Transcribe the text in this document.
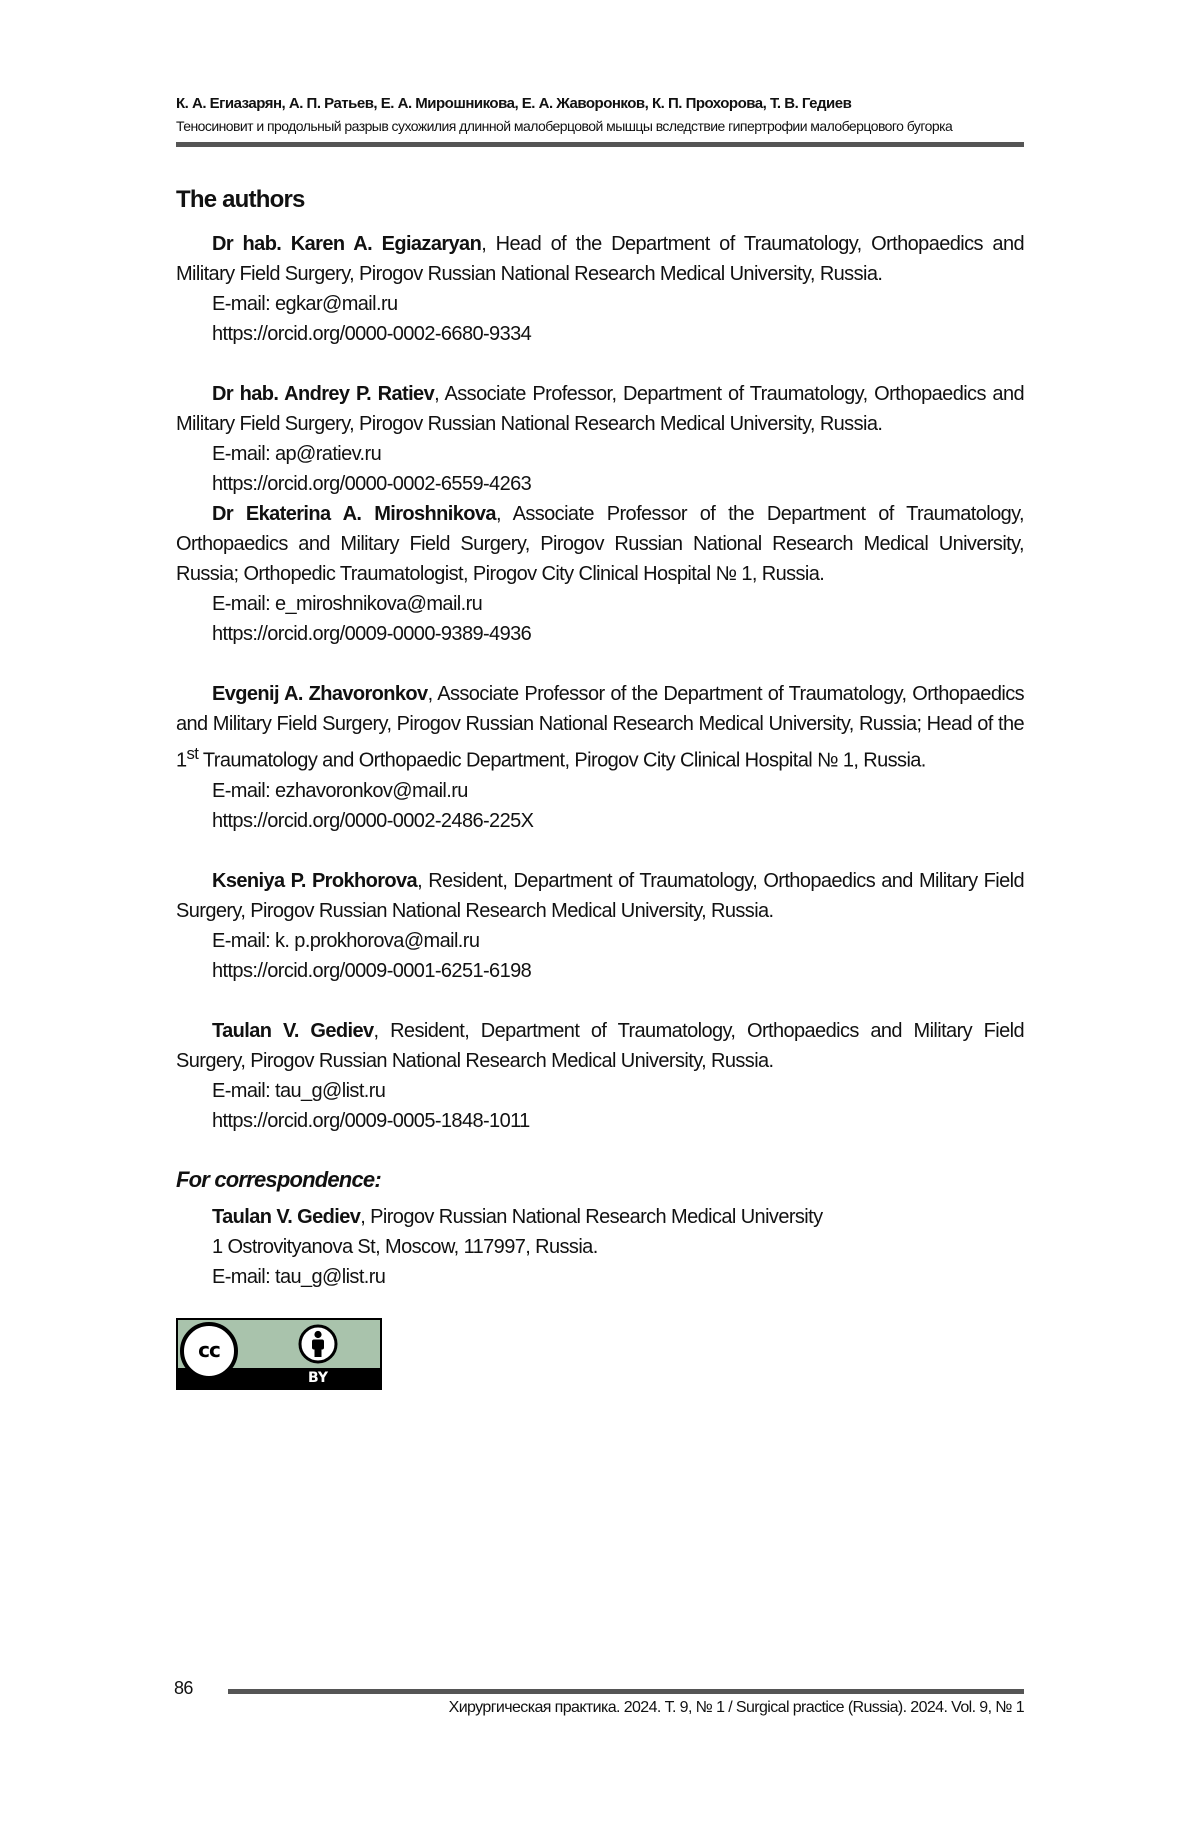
К. А. Егиазарян, А. П. Ратьев, Е. А. Мирошникова, Е. А. Жаворонков, К. П. Прохорова, Т. В. Гедиев
Теносиновит и продольный разрыв сухожилия длинной малоберцовой мышцы вследствие гипертрофии малоберцового бугорка
The authors

Dr hab. Karen A. Egiazaryan, Head of the Department of Traumatology, Orthopaedics and Military Field Surgery, Pirogov Russian National Research Medical University, Russia.

E-mail: egkar@mail.ru

https://orcid.org/0000-0002-6680-9334

Dr hab. Andrey P. Ratiev, Associate Professor, Department of Traumatology, Orthopaedics and Military Field Surgery, Pirogov Russian National Research Medical University, Russia.

E-mail: ap@ratiev.ru

https://orcid.org/0000-0002-6559-4263

Dr Ekaterina A. Miroshnikova, Associate Professor of the Department of Traumatology, Orthopaedics and Military Field Surgery, Pirogov Russian National Research Medical University, Russia; Orthopedic Traumatologist, Pirogov City Clinical Hospital № 1, Russia.

E-mail: e_miroshnikova@mail.ru

https://orcid.org/0009-0000-9389-4936

Evgenij A. Zhavoronkov, Associate Professor of the Department of Traumatology, Orthopaedics and Military Field Surgery, Pirogov Russian National Research Medical University, Russia; Head of the 1st Traumatology and Orthopaedic Department, Pirogov City Clinical Hospital № 1, Russia.

E-mail: ezhavoronkov@mail.ru

https://orcid.org/0000-0002-2486-225X

Kseniya P. Prokhorova, Resident, Department of Traumatology, Orthopaedics and Military Field Surgery, Pirogov Russian National Research Medical University, Russia.

E-mail: k. p.prokhorova@mail.ru

https://orcid.org/0009-0001-6251-6198

Taulan V. Gediev, Resident, Department of Traumatology, Orthopaedics and Military Field Surgery, Pirogov Russian National Research Medical University, Russia.

E-mail: tau_g@list.ru

https://orcid.org/0009-0005-1848-1011

For correspondence:

Taulan V. Gediev, Pirogov Russian National Research Medical University

1 Ostrovityanova St, Moscow, 117997, Russia.

E-mail: tau_g@list.ru

cc
BY
86
Хирургическая практика. 2024. Т. 9, № 1 / Surgical practice (Russia). 2024. Vol. 9, № 1
